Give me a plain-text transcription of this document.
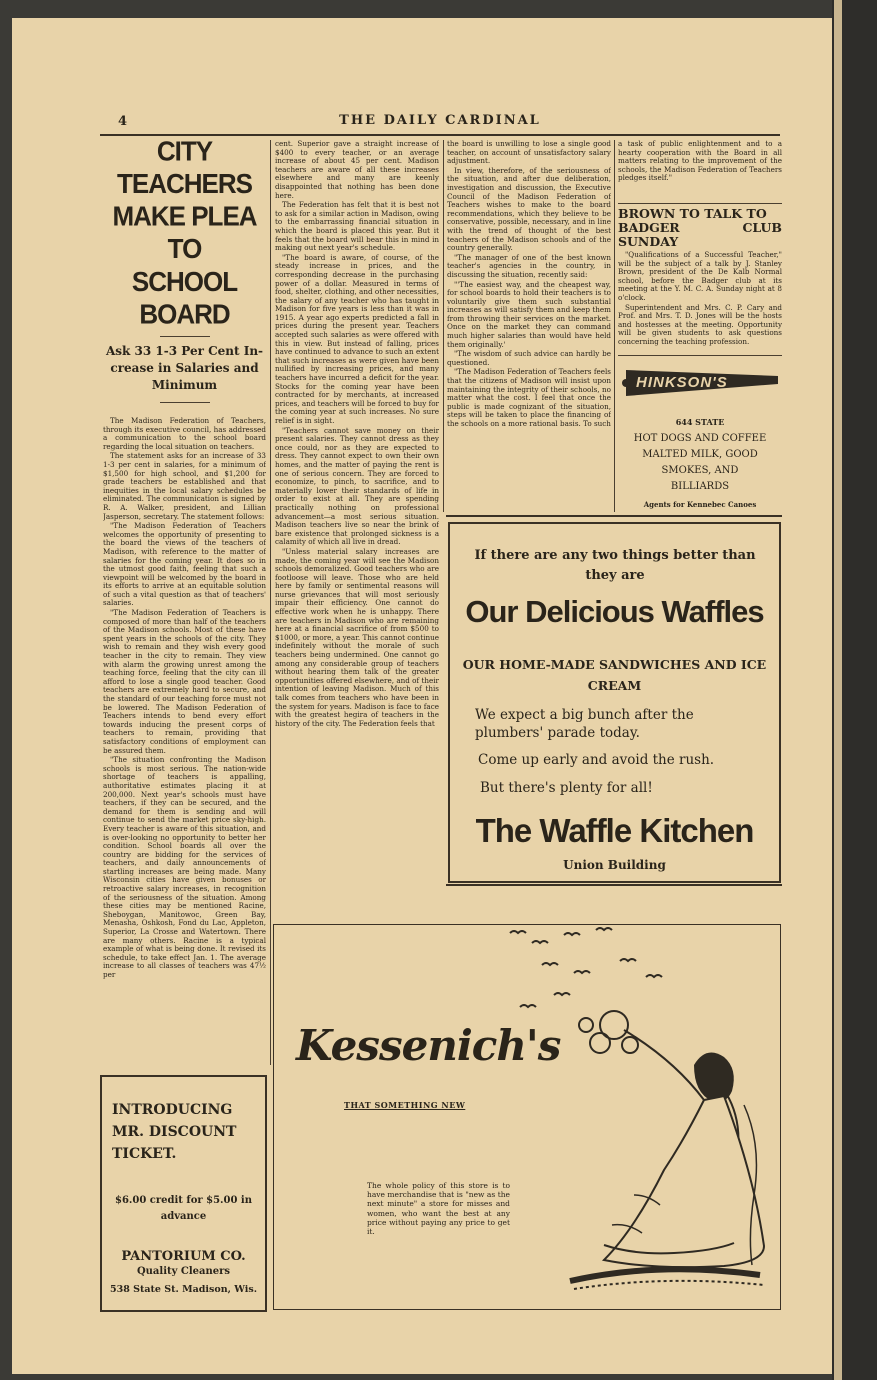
4	THE DAILY CARDINAL
CITY TEACHERS
MAKE PLEA TO
SCHOOL BOARD
Ask 33 1-3 Per Cent In-
crease in Salaries and
Minimum

The Madison Federation of Teachers, through its executive council, has addressed a communication to the school board regarding the local situation on teachers.

The statement asks for an increase of 33 1-3 per cent in salaries, for a minimum of $1,500 for high school, and $1,200 for grade teachers be established and that inequities in the local salary schedules be eliminated. The communication is signed by R. A. Walker, president, and Lillian Jasperson, secretary. The statement follows:

"The Madison Federation of Teachers welcomes the opportunity of presenting to the board the views of the teachers of Madison, with reference to the matter of salaries for the coming year. It does so in the utmost good faith, feeling that such a viewpoint will be welcomed by the board in its efforts to arrive at an equitable solution of such a vital question as that of teachers' salaries.

"The Madison Federation of Teachers is composed of more than half of the teachers of the Madison schools. Most of these have spent years in the schools of the city. They wish to remain and they wish every good teacher in the city to remain. They view with alarm the growing unrest among the teaching force, feeling that the city can ill afford to lose a single good teacher. Good teachers are extremely hard to secure, and the standard of our teaching force must not be lowered. The Madison Federation of Teachers intends to bend every effort towards inducing the present corps of teachers to remain, providing that satisfactory conditions of employment can be assured them.

"The situation confronting the Madison schools is most serious. The nation-wide shortage of teachers is appalling, authoritative estimates placing it at 200,000. Next year's schools must have teachers, if they can be secured, and the demand for them is sending and will continue to send the market price sky-high. Every teacher is aware of this situation, and is over-looking no opportunity to better her condition. School boards all over the country are bidding for the services of teachers, and daily announcements of startling increases are being made. Many Wisconsin cities have given bonuses or retroactive salary increases, in recognition of the seriousness of the situation. Among these cities may be mentioned Racine, Sheboygan, Manitowoc, Green Bay, Menasha, Oshkosh, Fond du Lac, Appleton, Superior, La Crosse and Watertown. There are many others. Racine is a typical example of what is being done. It revised its schedule, to take effect Jan. 1. The average increase to all classes of teachers was 47½ per

cent. Superior gave a straight increase of $400 to every teacher, or an average increase of about 45 per cent. Madison teachers are aware of all these increases elsewhere and many are keenly disappointed that nothing has been done here.

The Federation has felt that it is best not to ask for a similar action in Madison, owing to the embarrassing financial situation in which the board is placed this year. But it feels that the board will bear this in mind in making out next year's schedule.

"The board is aware, of course, of the steady increase in prices, and the corresponding decrease in the purchasing power of a dollar. Measured in terms of food, shelter, clothing, and other necessities, the salary of any teacher who has taught in Madison for five years is less than it was in 1915. A year ago experts predicted a fall in prices during the present year. Teachers accepted such salaries as were offered with this in view. But instead of falling, prices have continued to advance to such an extent that such increases as were given have been nullified by increasing prices, and many teachers have incurred a deficit for the year. Stocks for the coming year have been contracted for by merchants, at increased prices, and teachers will be forced to buy for the coming year at such increases. No sure relief is in sight.

"Teachers cannot save money on their present salaries. They cannot dress as they once could, nor as they are expected to dress. They cannot expect to own their own homes, and the matter of paying the rent is one of serious concern. They are forced to economize, to pinch, to sacrifice, and to materially lower their standards of life in order to exist at all. They are spending practically nothing on professional advancement—a most serious situation. Madison teachers live so near the brink of bare existence that prolonged sickness is a calamity of which all live in dread.

"Unless material salary increases are made, the coming year will see the Madison schools demoralized. Good teachers who are footloose will leave. Those who are held here by family or sentimental reasons will nurse grievances that will most seriously impair their efficiency. One cannot do effective work when he is unhappy. There are teachers in Madison who are remaining here at a financial sacrifice of from $500 to $1000, or more, a year. This cannot continue indefinitely without the morale of such teachers being undermined. One cannot go among any considerable group of teachers without hearing them talk of the greater opportunities offered elsewhere, and of their intention of leaving Madison. Much of this talk comes from teachers who have been in the system for years. Madison is face to face with the greatest hegira of teachers in the history of the city. The Federation feels that

the board is unwilling to lose a single good teacher, on account of unsatisfactory salary adjustment.

In view, therefore, of the seriousness of the situation, and after due deliberation, investigation and discussion, the Executive Council of the Madison Federation of Teachers wishes to make to the board recommendations, which they believe to be conservative, possible, necessary, and in line with the trend of thought of the best teachers of the Madison schools and of the country generally.

"The manager of one of the best known teacher's agencies in the country, in discussing the situation, recently said:

"'The easiest way, and the cheapest way, for school boards to hold their teachers is to voluntarily give them such substantial increases as will satisfy them and keep them from throwing their services on the market. Once on the market they can command much higher salaries than would have held them originally.'

"The wisdom of such advice can hardly be questioned.

"The Madison Federation of Teachers feels that the citizens of Madison will insist upon maintaining the integrity of their schools, no matter what the cost. I feel that once the public is made cognizant of the situation, steps will be taken to place the financing of the schools on a more rational basis. To such

a task of public enlightenment and to a hearty cooperation with the Board in all matters relating to the improvement of the schools, the Madison Federation of Teachers pledges itself."

BROWN TO TALK TO
BADGER CLUB SUNDAY

"Qualifications of a Successful Teacher," will be the subject of a talk by J. Stanley Brown, president of the De Kalb Normal school, before the Badger club at its meeting at the Y. M. C. A. Sunday night at 8 o'clock.

Superintendent and Mrs. C. P. Cary and Prof. and Mrs. T. D. Jones will be the hosts and hostesses at the meeting. Opportunity will be given students to ask questions concerning the teaching profession.

HINKSON'S
644 STATE
HOT DOGS AND COFFEE
MALTED MILK, GOOD
SMOKES, AND
BILLIARDS
Agents for Kennebec Canoes
If there are any two things better than they are
Our Delicious Waffles
OUR HOME-MADE SANDWICHES AND ICE CREAM
We expect a big bunch after the plumbers' parade today.
Come up early and avoid the rush.
But there's plenty for all!
The Waffle Kitchen
Union Building
INTRODUCING
MR. DISCOUNT
TICKET.
$6.00 credit for $5.00 in advance
PANTORIUM CO.
Quality Cleaners
538 State St. Madison, Wis.
Kessenich's
THAT SOMETHING NEW
The whole policy of this store is to have merchandise that is "new as the next minute" a store for misses and women, who want the best at any price without paying any price to get it.
